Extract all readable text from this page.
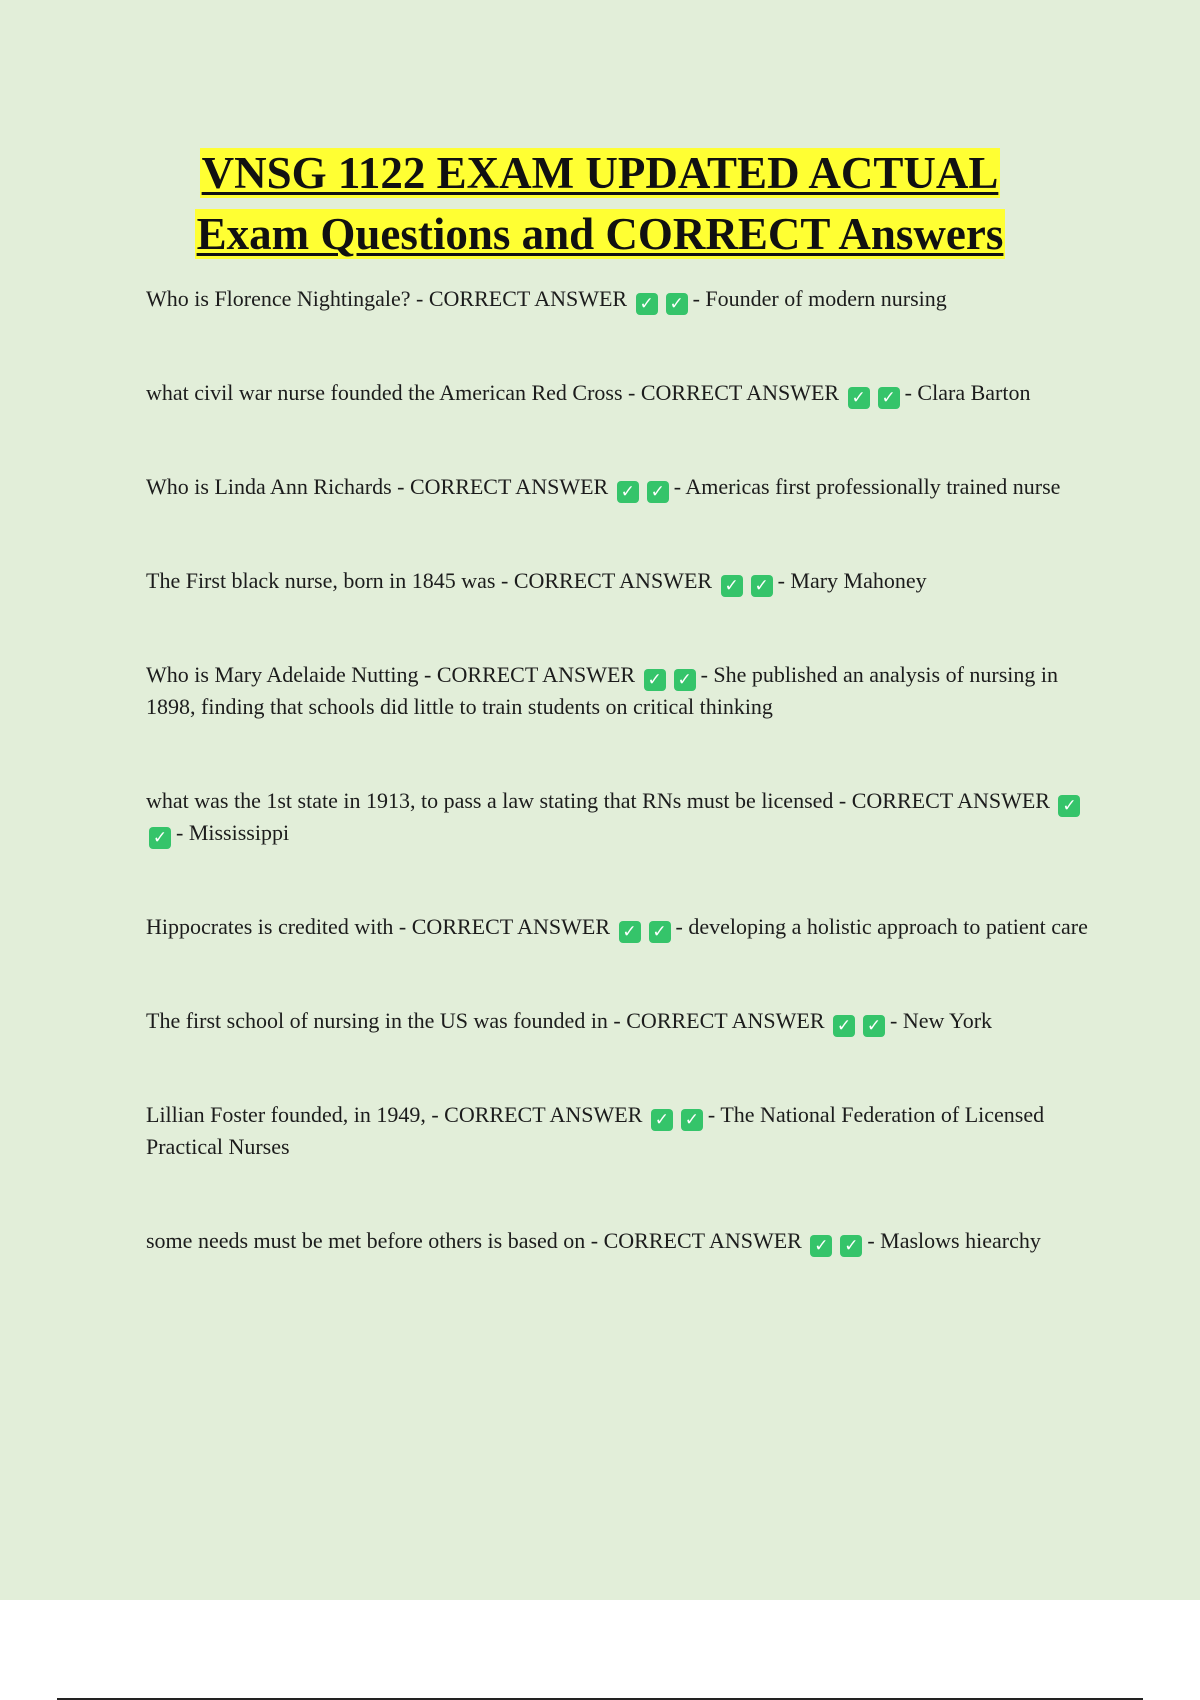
VNSG 1122 EXAM UPDATED ACTUAL
Exam Questions and CORRECT Answers

Who is Florence Nightingale? - CORRECT ANSWER ✓ ✓ - Founder of modern nursing

what civil war nurse founded the American Red Cross - CORRECT ANSWER ✓ ✓ - Clara Barton

Who is Linda Ann Richards - CORRECT ANSWER ✓ ✓ - Americas first professionally trained nurse

The First black nurse, born in 1845 was - CORRECT ANSWER ✓ ✓ - Mary Mahoney

Who is Mary Adelaide Nutting - CORRECT ANSWER ✓ ✓ - She published an analysis of nursing in 1898, finding that schools did little to train students on critical thinking

what was the 1st state in 1913, to pass a law stating that RNs must be licensed - CORRECT ANSWER ✓✓ - Mississippi

Hippocrates is credited with - CORRECT ANSWER ✓ ✓ - developing a holistic approach to patient care

The first school of nursing in the US was founded in - CORRECT ANSWER ✓ ✓ - New York

Lillian Foster founded, in 1949, - CORRECT ANSWER ✓ ✓ - The National Federation of Licensed Practical Nurses

some needs must be met before others is based on - CORRECT ANSWER ✓ ✓ - Maslows hiearchy
